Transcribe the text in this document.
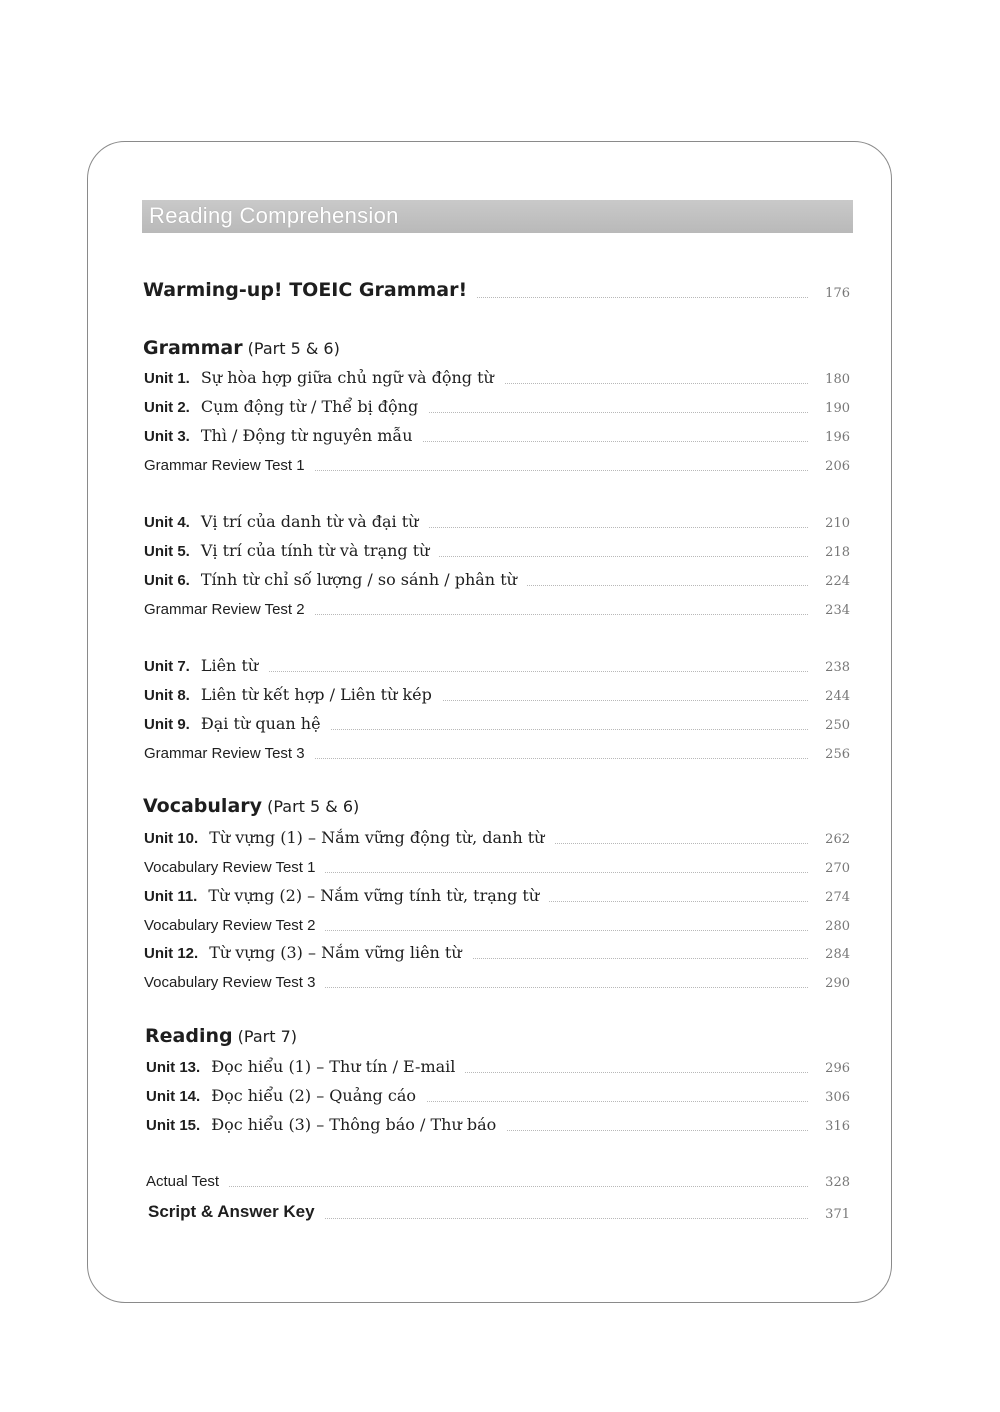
Reading Comprehension
Warming-up! TOEIC Grammar!	176
Grammar (Part 5 & 6)
Vocabulary (Part 5 & 6)
Reading (Part 7)
Unit 1. Sự hòa hợp giữa chủ ngữ và động từ	180
Unit 2. Cụm động từ / Thể bị động	190
Unit 3. Thì / Động từ nguyên mẫu	196
Grammar Review Test 1	206
Unit 4. Vị trí của danh từ và đại từ	210
Unit 5. Vị trí của tính từ và trạng từ	218
Unit 6. Tính từ chỉ số lượng / so sánh / phân từ	224
Grammar Review Test 2	234
Unit 7. Liên từ	238
Unit 8. Liên từ kết hợp / Liên từ kép	244
Unit 9. Đại từ quan hệ	250
Grammar Review Test 3	256
Unit 10. Từ vựng (1) – Nắm vững động từ, danh từ	262
Vocabulary Review Test 1	270
Unit 11. Từ vựng (2) – Nắm vững tính từ, trạng từ	274
Vocabulary Review Test 2	280
Unit 12. Từ vựng (3) – Nắm vững liên từ	284
Vocabulary Review Test 3	290
Unit 13. Đọc hiểu (1) – Thư tín / E-mail	296
Unit 14. Đọc hiểu (2) – Quảng cáo	306
Unit 15. Đọc hiểu (3) – Thông báo / Thư báo	316
Actual Test	328
Script & Answer Key	371
